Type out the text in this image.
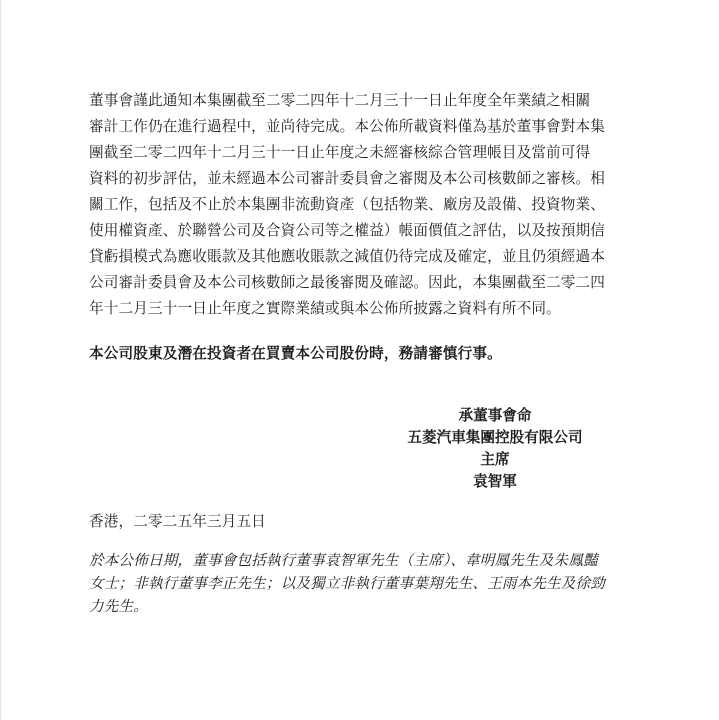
董事會謹此通知本集團截至二零二四年十二月三十一日止年度全年業績之相關
審計工作仍在進行過程中，並尚待完成。本公佈所載資料僅為基於董事會對本集
團截至二零二四年十二月三十一日止年度之未經審核綜合管理帳目及當前可得
資料的初步評估，並未經過本公司審計委員會之審閱及本公司核數師之審核。相
關工作，包括及不止於本集團非流動資產（包括物業、廠房及設備、投資物業、
使用權資產、於聯營公司及合資公司等之權益）帳面價值之評估，以及按預期信
貸虧損模式為應收賬款及其他應收賬款之減值仍待完成及確定，並且仍須經過本
公司審計委員會及本公司核數師之最後審閱及確認。因此，本集團截至二零二四
年十二月三十一日止年度之實際業績或與本公佈所披露之資料有所不同。
本公司股東及潛在投資者在買賣本公司股份時，務請審慎行事。
承董事會命
五菱汽車集團控股有限公司
主席
袁智軍
香港，二零二五年三月五日
於本公佈日期，董事會包括執行董事袁智軍先生（主席）、韋明鳳先生及朱鳳豔
女士；非執行董事李正先生；以及獨立非執行董事葉翔先生、王雨本先生及徐勁
力先生。
